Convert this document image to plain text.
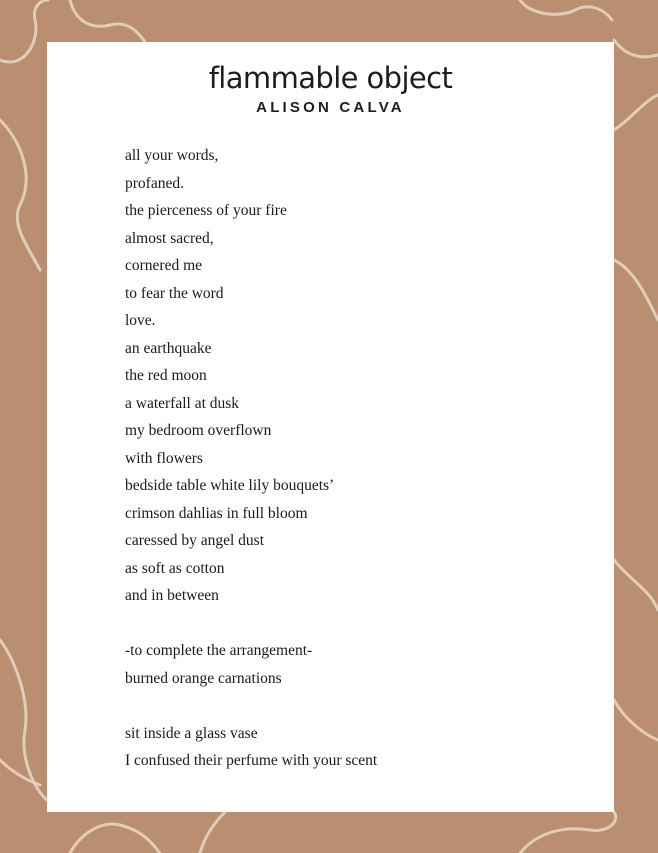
flammable object
ALISON CALVA
all your words,
profaned.
the pierceness of your fire
almost sacred,
cornered me
to fear the word
love.
an earthquake
the red moon
a waterfall at dusk
my bedroom overflown
with flowers
bedside table white lily bouquets’
crimson dahlias in full bloom
caressed by angel dust
as soft as cotton
and in between
-to complete the arrangement-
burned orange carnations
sit inside a glass vase
I confused their perfume with your scent
